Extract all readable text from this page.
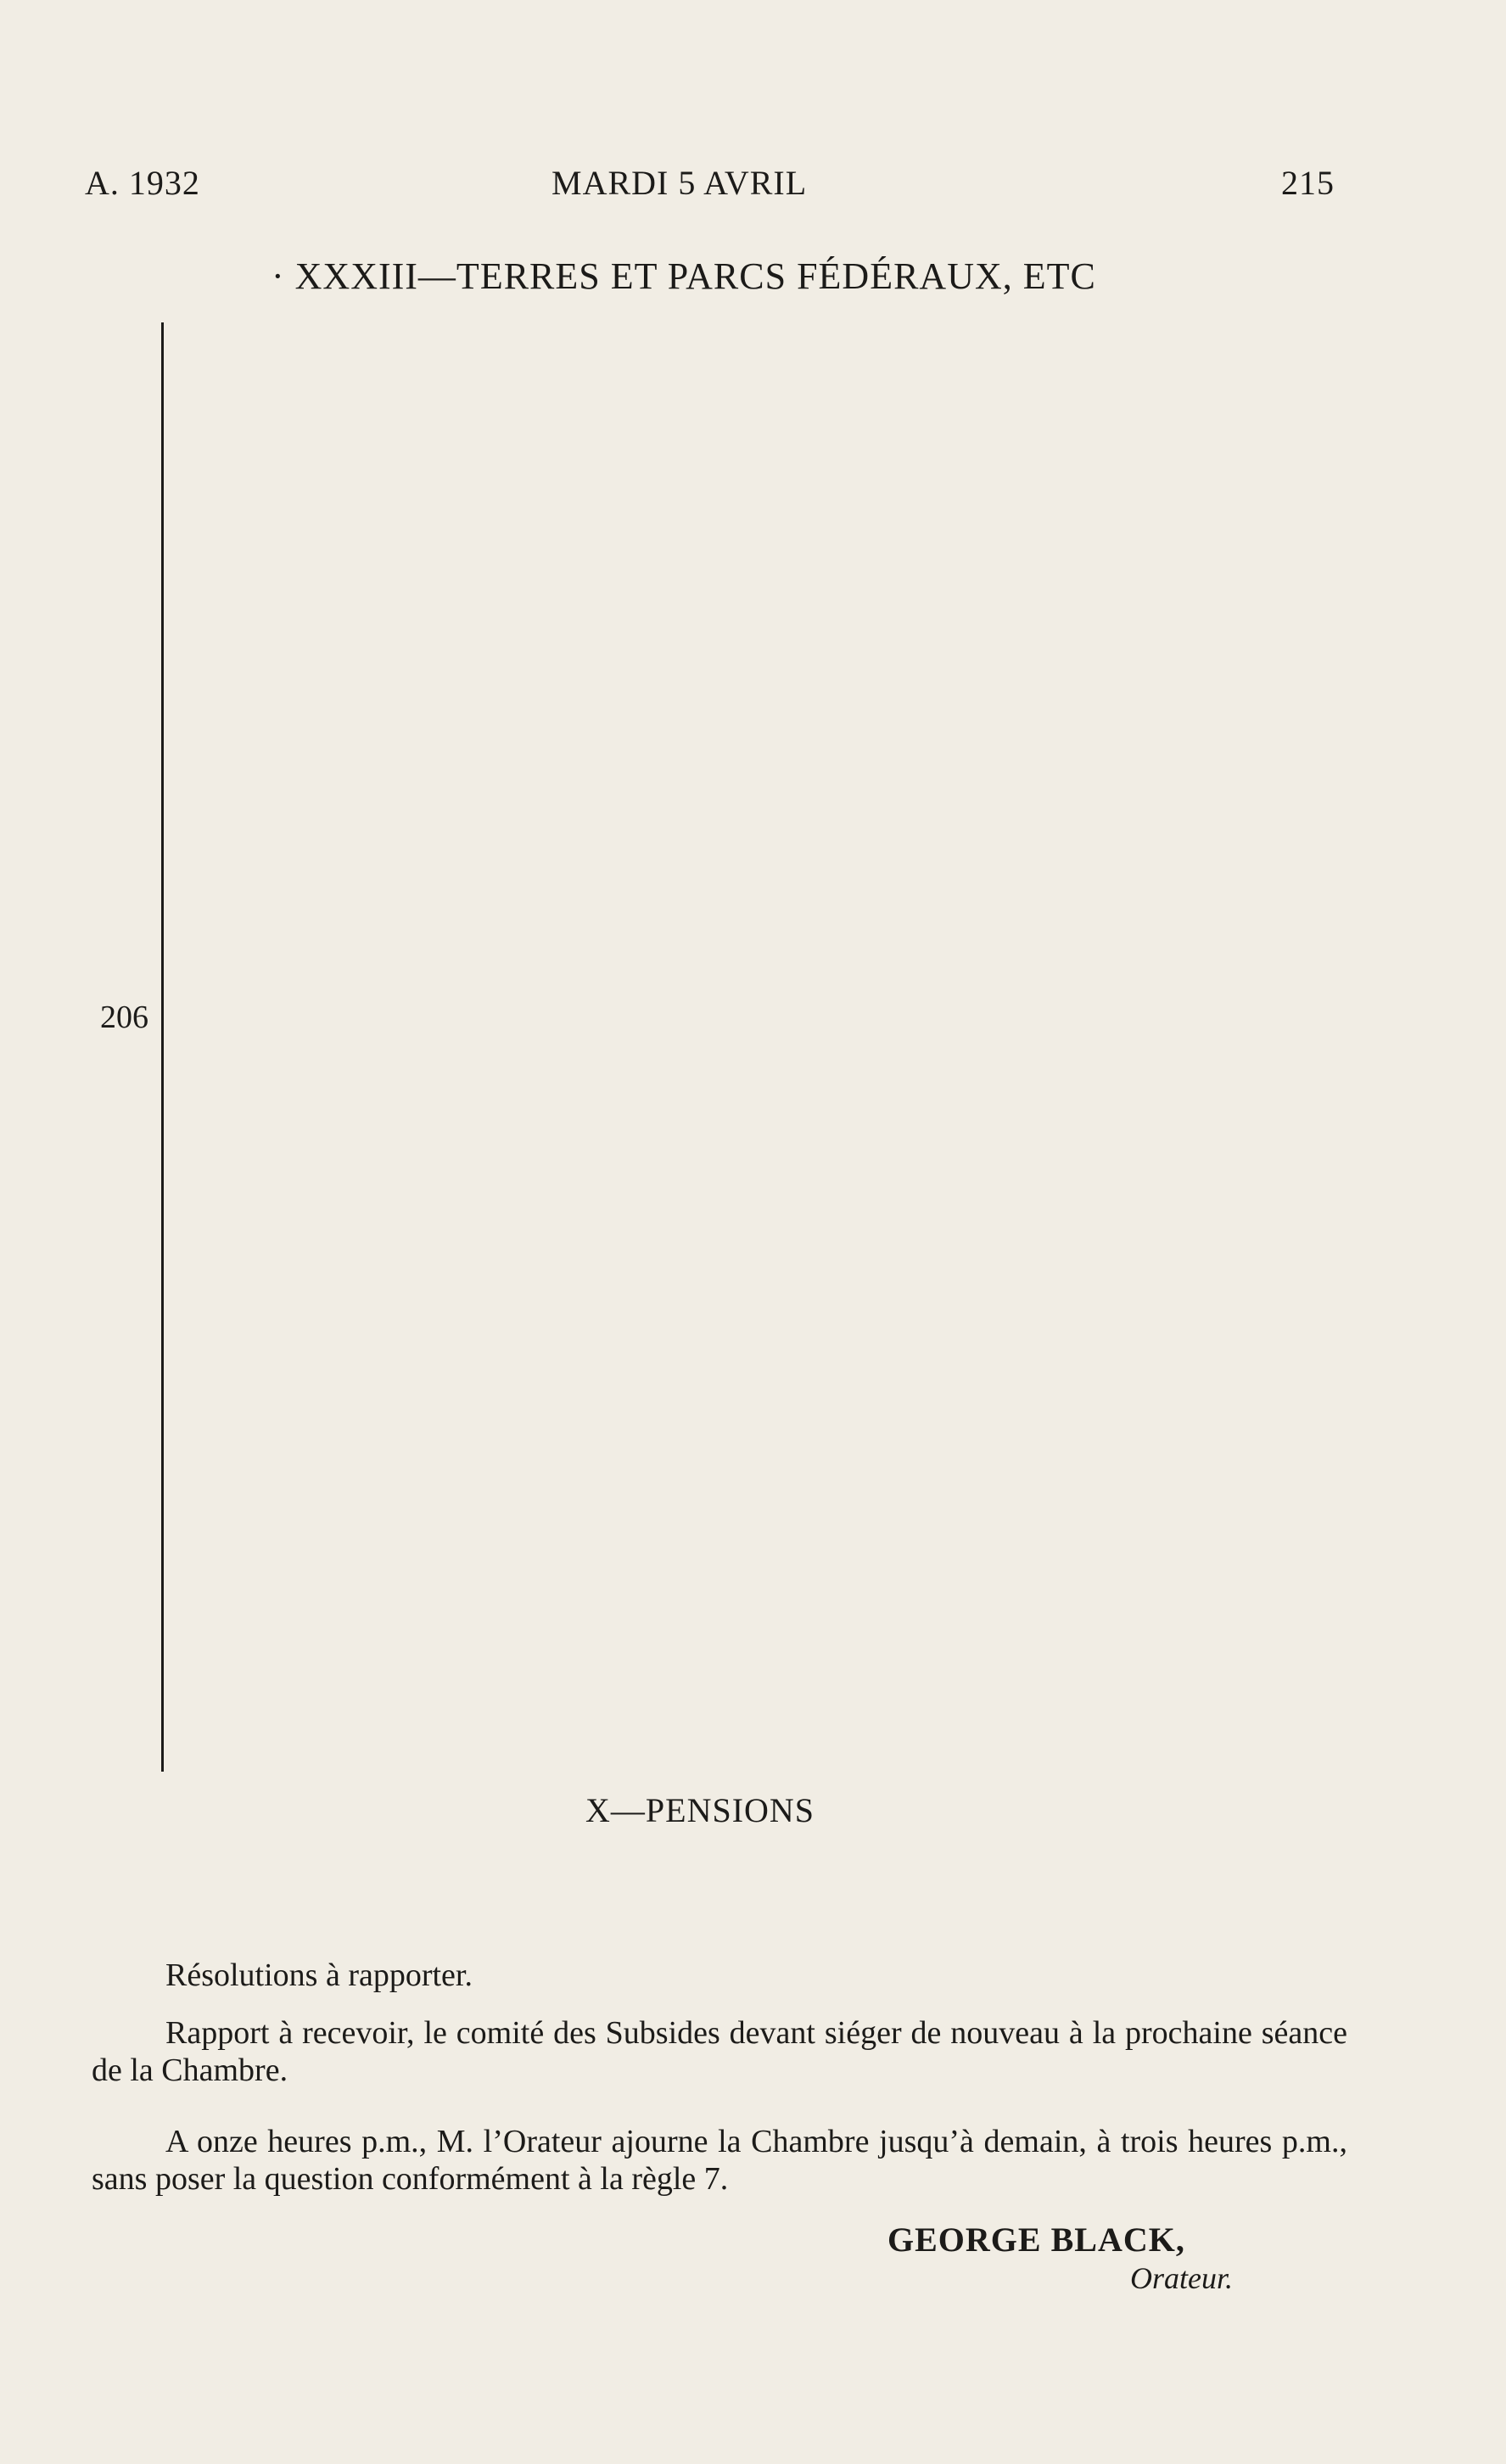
A. 1932	MARDI 5 AVRIL	215
· XXXIII—TERRES ET PARCS FÉDÉRAUX, ETC
206
X—PENSIONS
Résolutions à rapporter.
Rapport à recevoir, le comité des Subsides devant siéger de nouveau à la prochaine séance de la Chambre.
A onze heures p.m., M. l’Orateur ajourne la Chambre jusqu’à demain, à trois heures p.m., sans poser la question conformément à la règle 7.
GEORGE BLACK,
Orateur.
